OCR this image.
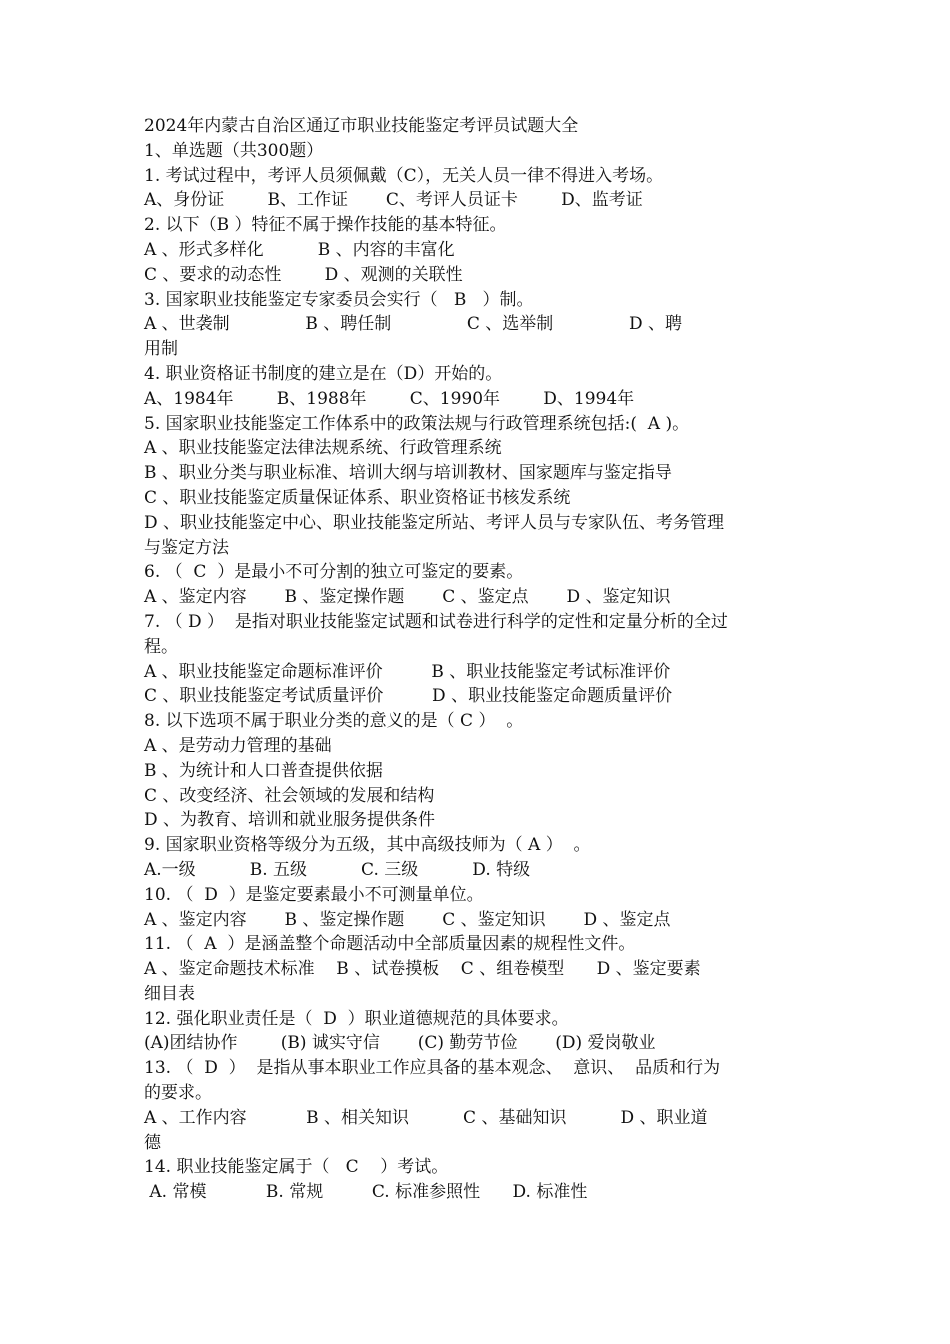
2024年内蒙古自治区通辽市职业技能鉴定考评员试题大全
1、单选题（共300题）
1. 考试过程中，考评人员须佩戴（C），无关人员一律不得进入考场。
A、身份证        B、工作证       C、考评人员证卡        D、监考证
2. 以下（B ）特征不属于操作技能的基本特征。
A 、形式多样化          B 、内容的丰富化
C 、要求的动态性        D 、观测的关联性
3. 国家职业技能鉴定专家委员会实行（   B   ）制。
A 、世袭制              B 、聘任制              C 、选举制              D 、聘
用制
4. 职业资格证书制度的建立是在（D）开始的。
A、1984年        B、1988年        C、1990年        D、1994年
5. 国家职业技能鉴定工作体系中的政策法规与行政管理系统包括:(  A )。
A 、职业技能鉴定法律法规系统、行政管理系统
B 、职业分类与职业标准、培训大纲与培训教材、国家题库与鉴定指导
C 、职业技能鉴定质量保证体系、职业资格证书核发系统
D 、职业技能鉴定中心、职业技能鉴定所站、考评人员与专家队伍、考务管理
与鉴定方法
6. （  C  ）是最小不可分割的独立可鉴定的要素。
A 、鉴定内容       B 、鉴定操作题       C 、鉴定点       D 、鉴定知识
7. （ D ）  是指对职业技能鉴定试题和试卷进行科学的定性和定量分析的全过
程。
A 、职业技能鉴定命题标准评价         B 、职业技能鉴定考试标准评价
C 、职业技能鉴定考试质量评价         D 、职业技能鉴定命题质量评价
8. 以下选项不属于职业分类的意义的是（ C ）  。
A 、是劳动力管理的基础
B 、为统计和人口普查提供依据
C 、改变经济、社会领域的发展和结构
D 、为教育、培训和就业服务提供条件
9. 国家职业资格等级分为五级，其中高级技师为（ A ）  。
A.一级          B. 五级          C. 三级          D. 特级
10. （  D  ）是鉴定要素最小不可测量单位。
A 、鉴定内容       B 、鉴定操作题       C 、鉴定知识       D 、鉴定点
11. （  A  ）是涵盖整个命题活动中全部质量因素的规程性文件。
A 、鉴定命题技术标准    B 、试卷摸板    C 、组卷模型      D 、鉴定要素
细目表
12. 强化职业责任是（  D  ）职业道德规范的具体要求。
(A)团结协作        (B) 诚实守信       (C) 勤劳节俭       (D) 爱岗敬业
13. （  D  ）  是指从事本职业工作应具备的基本观念、  意识、  品质和行为
的要求。
A 、工作内容           B 、相关知识          C 、基础知识          D 、职业道
德
14. 职业技能鉴定属于（   C    ）考试。
A. 常模           B. 常规         C. 标准参照性      D. 标准性
